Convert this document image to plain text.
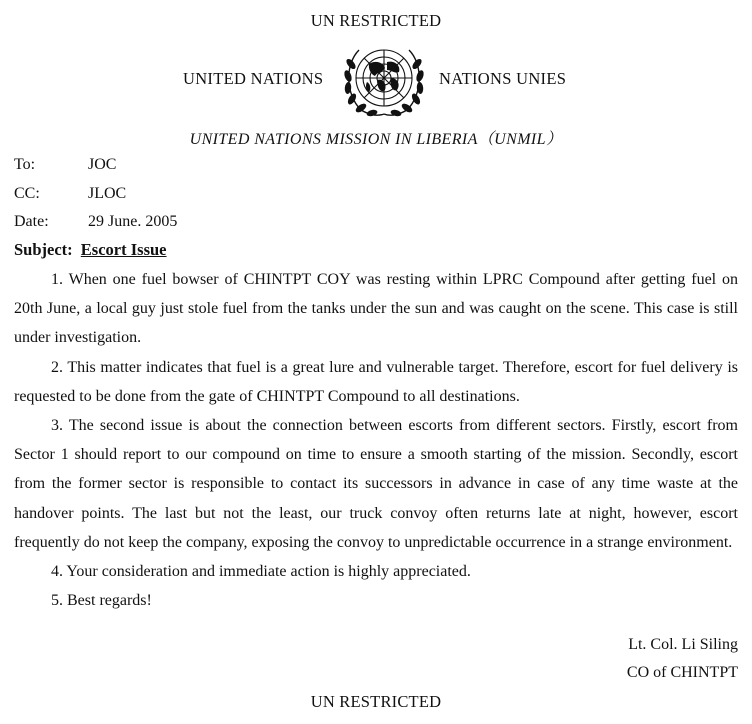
UN RESTRICTED
UNITED NATIONS	NATIONS UNIES
UNITED NATIONS MISSION IN LIBERIA（UNMIL）
To:	JOC
CC:	JLOC
Date:	29 June. 2005
Subject: Escort Issue

1. When one fuel bowser of CHINTPT COY was resting within LPRC Compound after getting fuel on 20th June, a local guy just stole fuel from the tanks under the sun and was caught on the scene. This case is still under investigation.

2. This matter indicates that fuel is a great lure and vulnerable target. Therefore, escort for fuel delivery is requested to be done from the gate of CHINTPT Compound to all destinations.

3. The second issue is about the connection between escorts from different sectors. Firstly, escort from Sector 1 should report to our compound on time to ensure a smooth starting of the mission. Secondly, escort from the former sector is responsible to contact its successors in advance in case of any time waste at the handover points. The last but not the least, our truck convoy often returns late at night, however, escort frequently do not keep the company, exposing the convoy to unpredictable occurrence in a strange environment.

4. Your consideration and immediate action is highly appreciated.

5. Best regards!

Lt. Col. Li Siling
CO of CHINTPT
UN RESTRICTED
